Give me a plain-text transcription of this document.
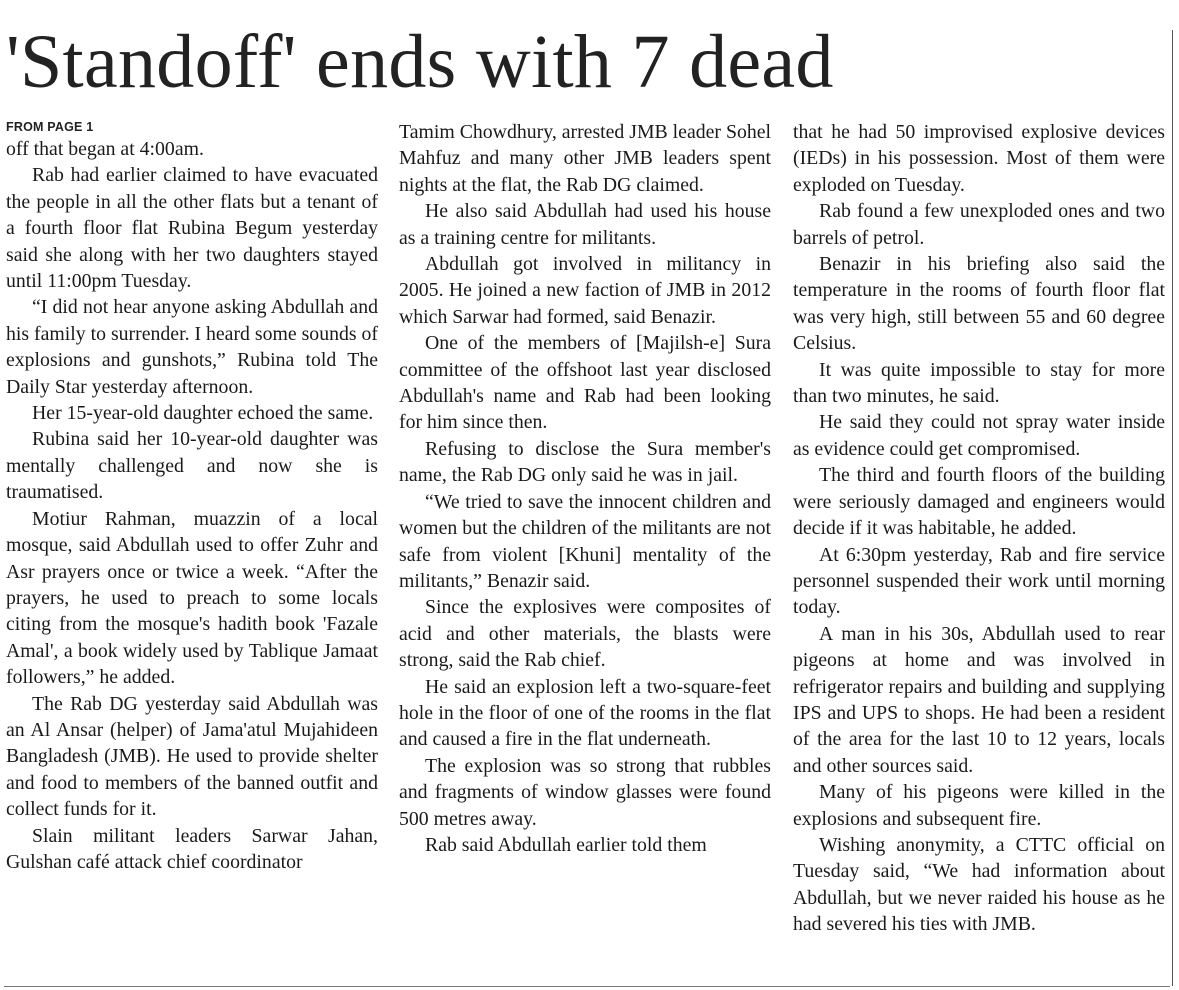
'Standoff' ends with 7 dead

FROM PAGE 1

off that began at 4:00am.

Rab had earlier claimed to have evacuated the people in all the other flats but a tenant of a fourth floor flat Rubina Begum yesterday said she along with her two daughters stayed until 11:00pm Tuesday.

“I did not hear anyone asking Abdullah and his family to surrender. I heard some sounds of explosions and gunshots,” Rubina told The Daily Star yesterday afternoon.

Her 15-year-old daughter echoed the same.

Rubina said her 10-year-old daughter was mentally challenged and now she is traumatised.

Motiur Rahman, muazzin of a local mosque, said Abdullah used to offer Zuhr and Asr prayers once or twice a week. “After the prayers, he used to preach to some locals citing from the mosque's hadith book 'Fazale Amal', a book widely used by Tablique Jamaat followers,” he added.

The Rab DG yesterday said Abdullah was an Al Ansar (helper) of Jama'atul Mujahideen Bangladesh (JMB). He used to provide shelter and food to members of the banned outfit and collect funds for it.

Slain militant leaders Sarwar Jahan, Gulshan café attack chief coordinator

Tamim Chowdhury, arrested JMB leader Sohel Mahfuz and many other JMB leaders spent nights at the flat, the Rab DG claimed.

He also said Abdullah had used his house as a training centre for militants.

Abdullah got involved in militancy in 2005. He joined a new faction of JMB in 2012 which Sarwar had formed, said Benazir.

One of the members of [Majilsh-e] Sura committee of the offshoot last year disclosed Abdullah's name and Rab had been looking for him since then.

Refusing to disclose the Sura member's name, the Rab DG only said he was in jail.

“We tried to save the innocent children and women but the children of the militants are not safe from violent [Khuni] mentality of the militants,” Benazir said.

Since the explosives were composites of acid and other materials, the blasts were strong, said the Rab chief.

He said an explosion left a two-square-feet hole in the floor of one of the rooms in the flat and caused a fire in the flat underneath.

The explosion was so strong that rubbles and fragments of window glasses were found 500 metres away.

Rab said Abdullah earlier told them

that he had 50 improvised explosive devices (IEDs) in his possession. Most of them were exploded on Tuesday.

Rab found a few unexploded ones and two barrels of petrol.

Benazir in his briefing also said the temperature in the rooms of fourth floor flat was very high, still between 55 and 60 degree Celsius.

It was quite impossible to stay for more than two minutes, he said.

He said they could not spray water inside as evidence could get compromised.

The third and fourth floors of the building were seriously damaged and engineers would decide if it was habitable, he added.

At 6:30pm yesterday, Rab and fire service personnel suspended their work until morning today.

A man in his 30s, Abdullah used to rear pigeons at home and was involved in refrigerator repairs and building and supplying IPS and UPS to shops. He had been a resident of the area for the last 10 to 12 years, locals and other sources said.

Many of his pigeons were killed in the explosions and subsequent fire.

Wishing anonymity, a CTTC official on Tuesday said, “We had information about Abdullah, but we never raided his house as he had severed his ties with JMB.
